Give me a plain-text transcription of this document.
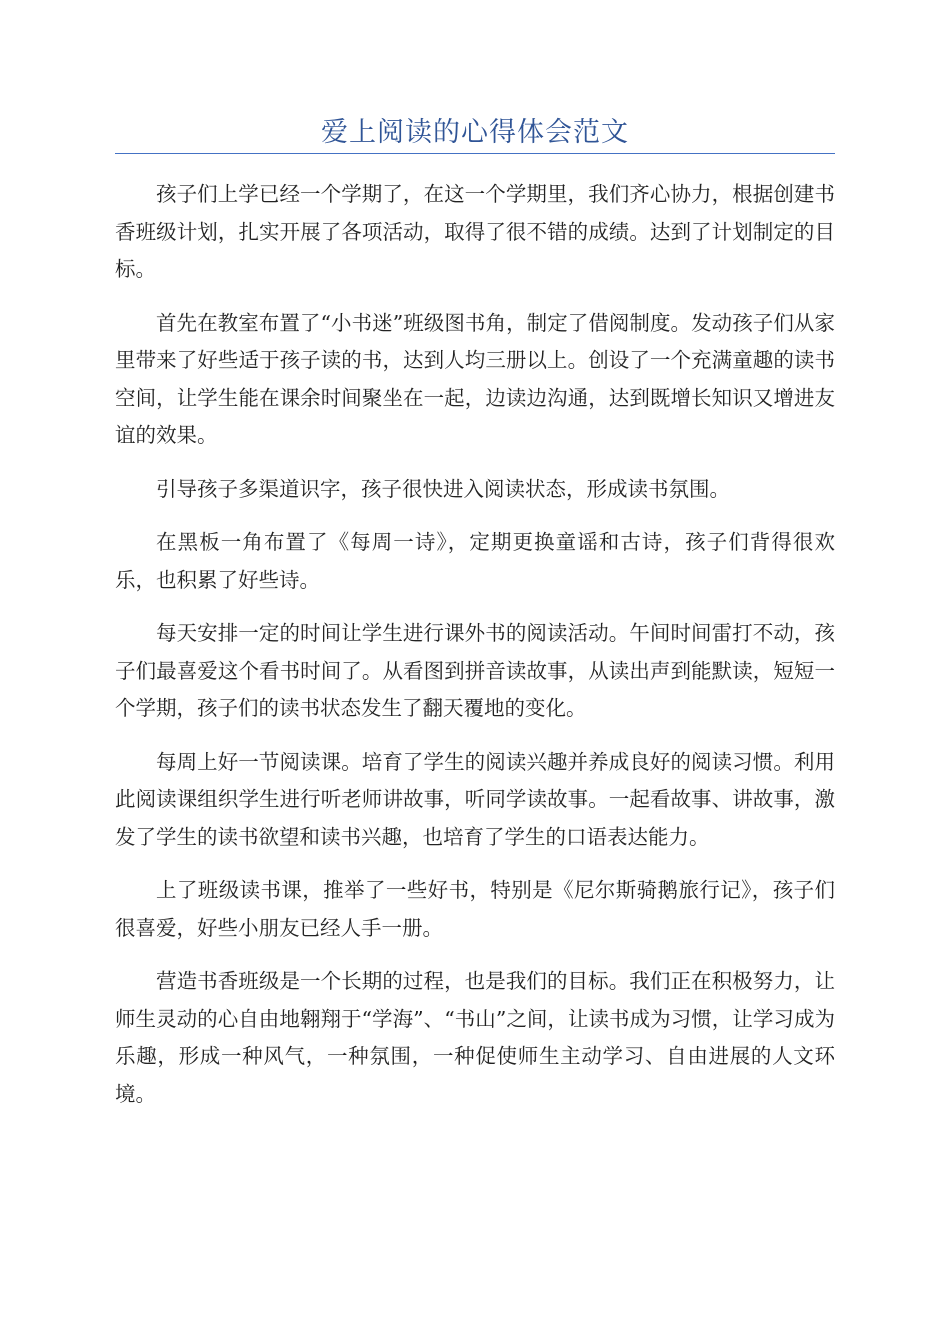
爱上阅读的心得体会范文

孩子们上学已经一个学期了，在这一个学期里，我们齐心协力，根据创建书香班级计划，扎实开展了各项活动，取得了很不错的成绩。达到了计划制定的目标。

首先在教室布置了“小书迷”班级图书角，制定了借阅制度。发动孩子们从家里带来了好些适于孩子读的书，达到人均三册以上。创设了一个充满童趣的读书空间，让学生能在课余时间聚坐在一起，边读边沟通，达到既增长知识又增进友谊的效果。

引导孩子多渠道识字，孩子很快进入阅读状态，形成读书氛围。

在黑板一角布置了《每周一诗》，定期更换童谣和古诗，孩子们背得很欢乐，也积累了好些诗。

每天安排一定的时间让学生进行课外书的阅读活动。午间时间雷打不动，孩子们最喜爱这个看书时间了。从看图到拼音读故事，从读出声到能默读，短短一个学期，孩子们的读书状态发生了翻天覆地的变化。

每周上好一节阅读课。培育了学生的阅读兴趣并养成良好的阅读习惯。利用此阅读课组织学生进行听老师讲故事，听同学读故事。一起看故事、讲故事，激发了学生的读书欲望和读书兴趣，也培育了学生的口语表达能力。

上了班级读书课，推举了一些好书，特别是《尼尔斯骑鹅旅行记》，孩子们很喜爱，好些小朋友已经人手一册。

营造书香班级是一个长期的过程，也是我们的目标。我们正在积极努力，让师生灵动的心自由地翱翔于“学海”、“书山”之间，让读书成为习惯，让学习成为乐趣，形成一种风气，一种氛围，一种促使师生主动学习、自由进展的人文环境。
